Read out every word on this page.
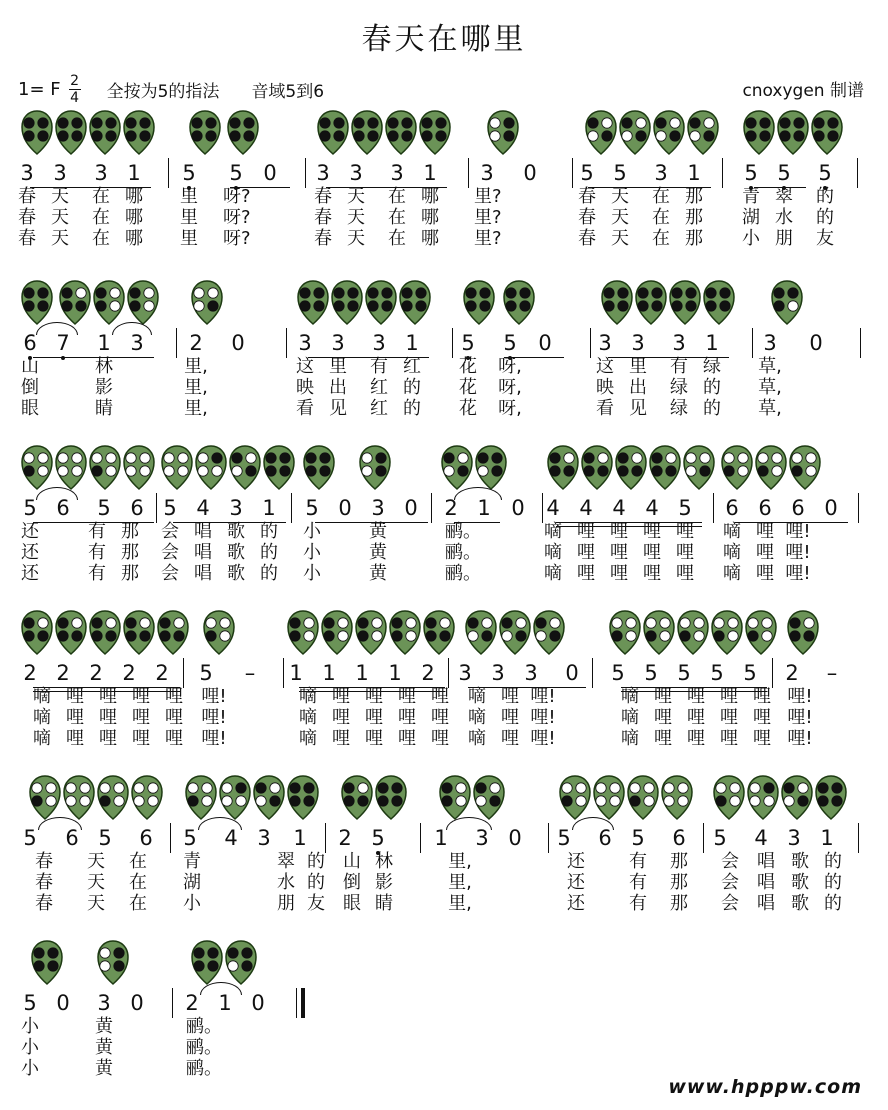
春天在哪里
1= F 2
4 全按为5的指法 音域5到6	cnoxygen 制谱
3 3	3 1	5	5 0	3 3	3 1	3	0	5 5	3 1	5 5	5
春 天 在 哪 里 呀?	春 天 在 哪 里?	春 天 在 那 青 翠 的
春 天 在 哪 里 呀?	春 天 在 哪 里?	春 天 在 那 湖 水 的
春 天 在 哪 里 呀?	春 天 在 哪 里?	春 天 在 那 小 朋 友
6 7	1 3	2	0	3 3	3 1	5	5	0	3 3	3 1	3	0
山	林	里,	这 里 有 红 花 呀,	这 里 有 绿 草,
倒	影	里,	映 出 红 的 花 呀,	映 出 绿 的 草,
眼	睛	里,	看 见 红 的 花 呀,	看 见 绿 的 草,
5 6	5 6 5 4 3 1	5 0 3 0	2 1 0	4 4 4 4 5	6 6 6 0
还	有 那 会 唱 歌 的 小	黄	鹂。	嘀 哩 哩 哩 哩 嘀 哩 哩!
还	有 那 会 唱 歌 的 小	黄	鹂。	嘀 哩 哩 哩 哩 嘀 哩 哩!
还	有 那 会 唱 歌 的 小	黄	鹂。	嘀 哩 哩 哩 哩 嘀 哩 哩!
2 2 2 2 2	5	–	1 1 1 1 2	3 3 3	0	5 5 5 5 5	2	–
嘀 哩 哩 哩 哩 哩!	嘀 哩 哩 哩 哩 嘀 哩 哩!	嘀 哩 哩 哩 哩 哩!
嘀 哩 哩 哩 哩 哩!	嘀 哩 哩 哩 哩 嘀 哩 哩!	嘀 哩 哩 哩 哩 哩!
嘀 哩 哩 哩 哩 哩!	嘀 哩 哩 哩 哩 嘀 哩 哩!	嘀 哩 哩 哩 哩 哩!
5	6 5	6	5	4 3	1	2 5	1	3 0	5	6 5	6	5	4 3 1
春 天 在 青	翠 的 山 林	里,	还 有 那 会 唱 歌 的
春 天 在 湖	水 的 倒 影	里,	还 有 那 会 唱 歌 的
春 天 在 小	朋 友 眼 睛	里,	还 有 那 会 唱 歌 的
5 0	3 0	2 1 0
小	黄	鹂。
小	黄	鹂。
小	黄	鹂。
www.hpppw.com
